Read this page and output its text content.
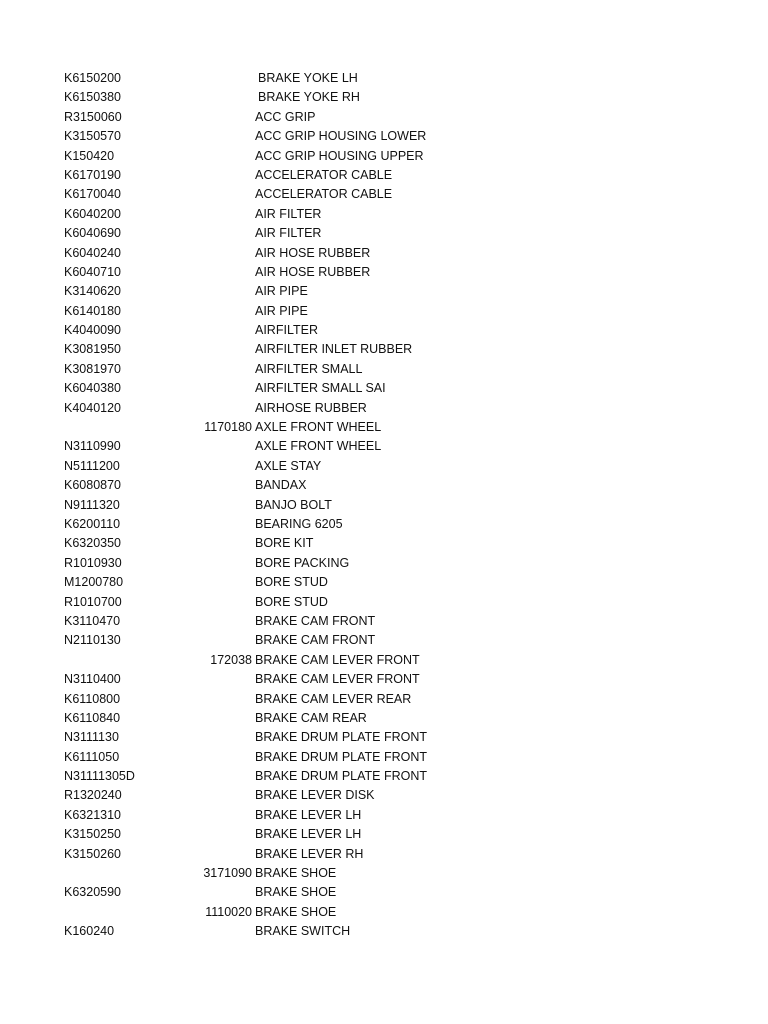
K6150200	BRAKE YOKE LH
K6150380	BRAKE YOKE RH
R3150060	ACC GRIP
K3150570	ACC GRIP HOUSING LOWER
K150420	ACC GRIP HOUSING UPPER
K6170190	ACCELERATOR CABLE
K6170040	ACCELERATOR CABLE
K6040200	AIR FILTER
K6040690	AIR FILTER
K6040240	AIR HOSE RUBBER
K6040710	AIR HOSE RUBBER
K3140620	AIR PIPE
K6140180	AIR PIPE
K4040090	AIRFILTER
K3081950	AIRFILTER INLET RUBBER
K3081970	AIRFILTER SMALL
K6040380	AIRFILTER SMALL SAI
K4040120	AIRHOSE RUBBER
1170180 AXLE FRONT WHEEL
N3110990	AXLE FRONT WHEEL
N5111200	AXLE STAY
K6080870	BANDAX
N9111320	BANJO BOLT
K6200110	BEARING 6205
K6320350	BORE KIT
R1010930	BORE PACKING
M1200780	BORE STUD
R1010700	BORE STUD
K3110470	BRAKE CAM FRONT
N2110130	BRAKE CAM FRONT
172038 BRAKE CAM LEVER FRONT
N3110400	BRAKE CAM LEVER FRONT
K6110800	BRAKE CAM LEVER REAR
K6110840	BRAKE CAM REAR
N3111130	BRAKE DRUM PLATE FRONT
K6111050	BRAKE DRUM PLATE FRONT
N31111305D	BRAKE DRUM PLATE FRONT
R1320240	BRAKE LEVER DISK
K6321310	BRAKE LEVER LH
K3150250	BRAKE LEVER LH
K3150260	BRAKE LEVER RH
3171090 BRAKE SHOE
K6320590	BRAKE SHOE
1110020 BRAKE SHOE
K160240	BRAKE SWITCH
